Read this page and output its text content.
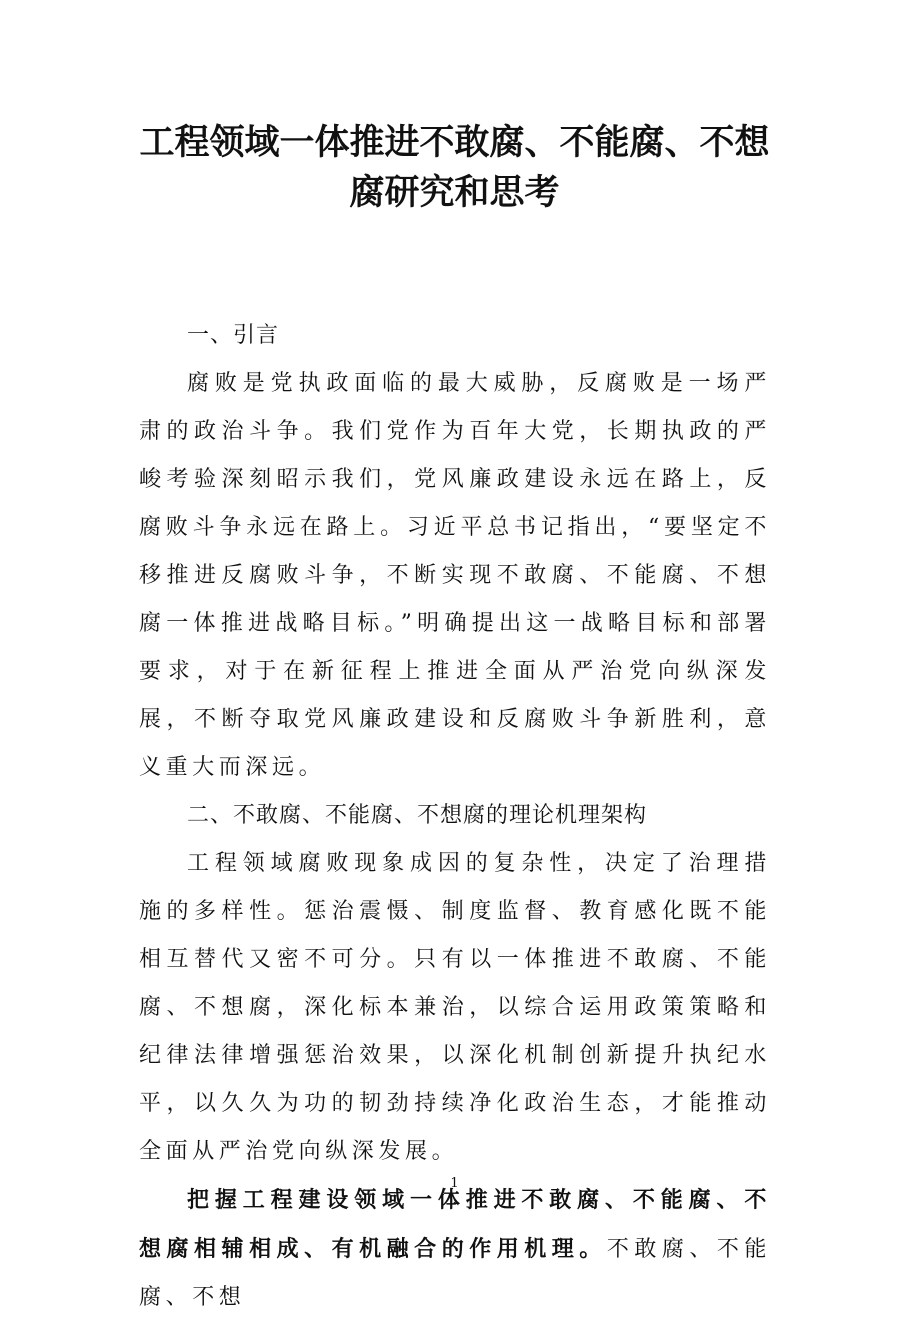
工程领域一体推进不敢腐、不能腐、不想
腐研究和思考

一、引言

腐败是党执政面临的最大威胁，反腐败是一场严肃的政治斗争。我们党作为百年大党，长期执政的严峻考验深刻昭示我们，党风廉政建设永远在路上，反腐败斗争永远在路上。习近平总书记指出，“要坚定不移推进反腐败斗争，不断实现不敢腐、不能腐、不想腐一体推进战略目标。”明确提出这一战略目标和部署要求，对于在新征程上推进全面从严治党向纵深发展，不断夺取党风廉政建设和反腐败斗争新胜利，意义重大而深远。

二、不敢腐、不能腐、不想腐的理论机理架构

工程领域腐败现象成因的复杂性，决定了治理措施的多样性。惩治震慑、制度监督、教育感化既不能相互替代又密不可分。只有以一体推进不敢腐、不能腐、不想腐，深化标本兼治，以综合运用政策策略和纪律法律增强惩治效果，以深化机制创新提升执纪水平，以久久为功的韧劲持续净化政治生态，才能推动全面从严治党向纵深发展。

把握工程建设领域一体推进不敢腐、不能腐、不想腐相辅相成、有机融合的作用机理。不敢腐、不能腐、不想

1
